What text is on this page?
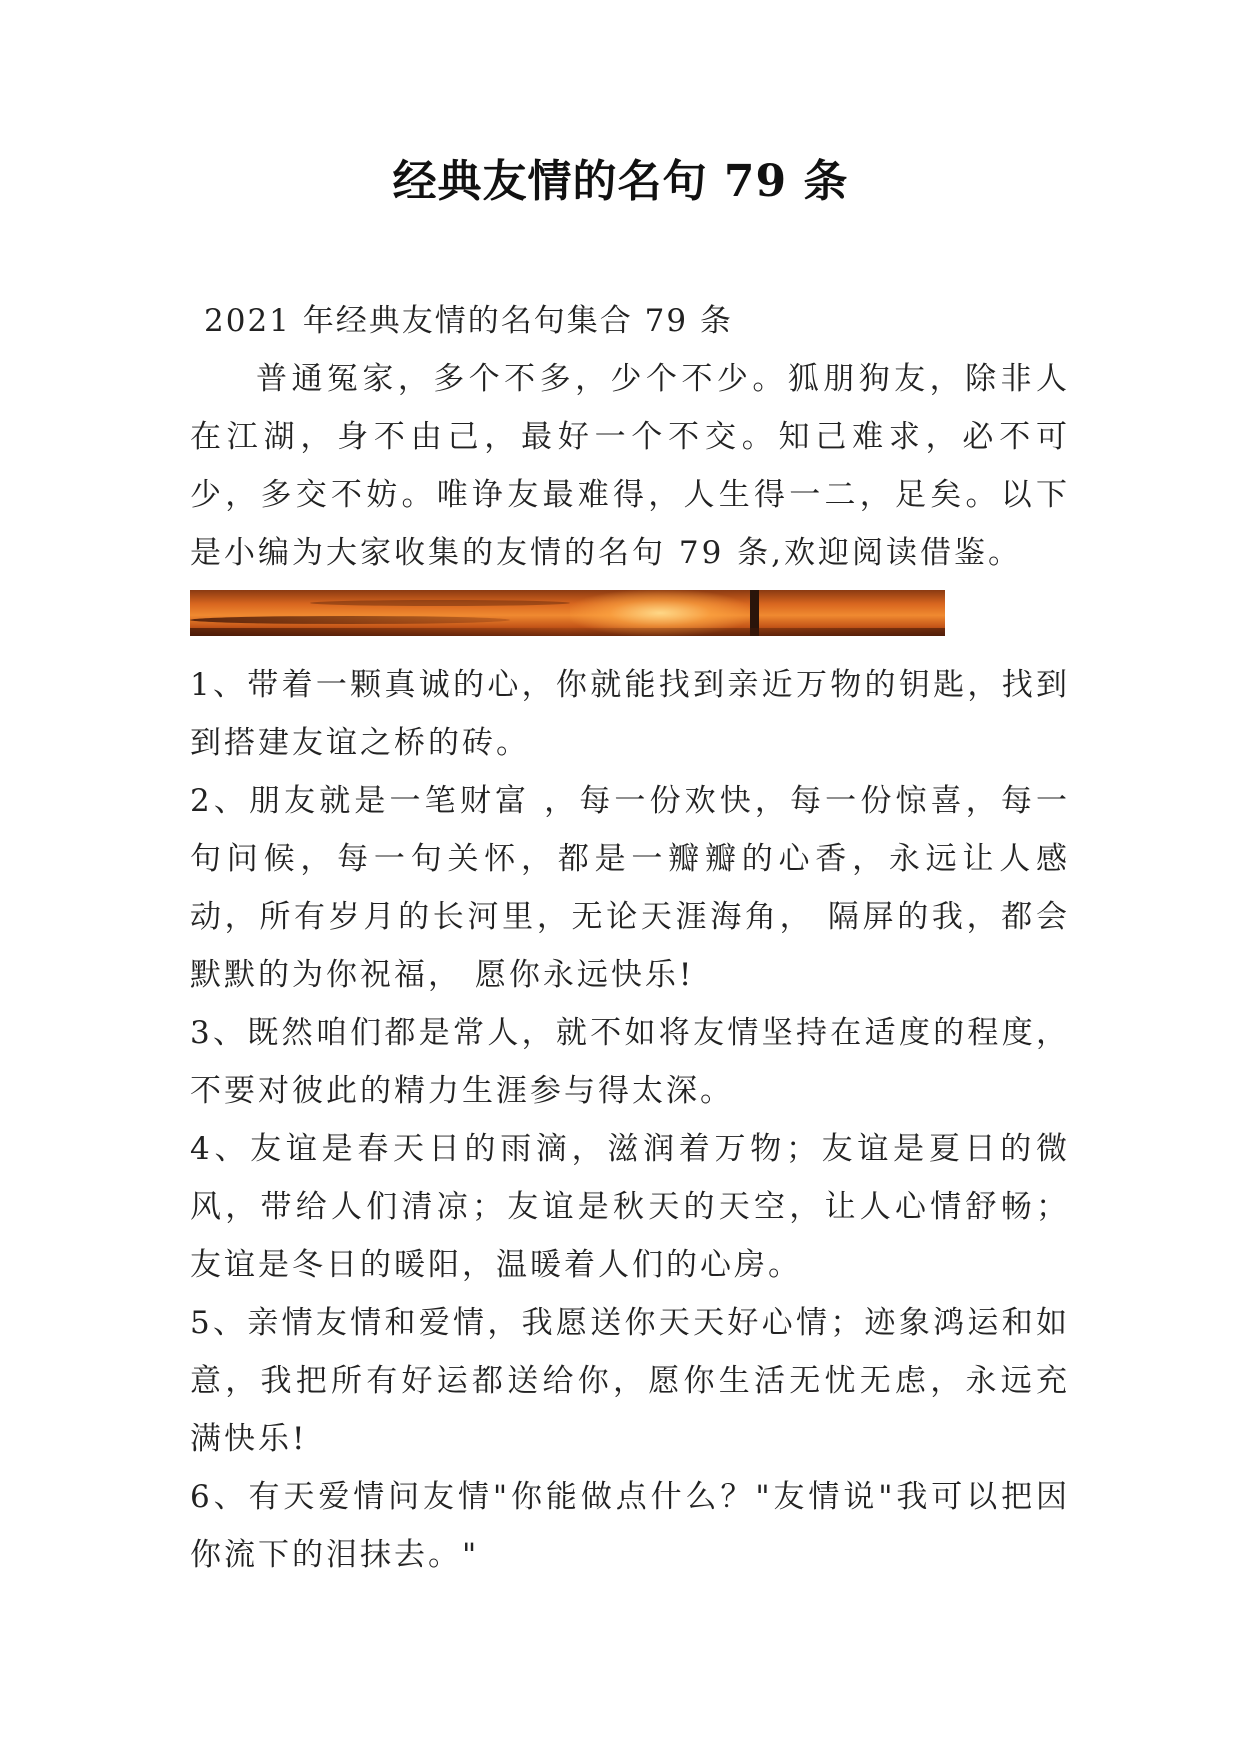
经典友情的名句 79 条

2021 年经典友情的名句集合 79 条

普通冤家，多个不多，少个不少。狐朋狗友，除非人在江湖，身不由己，最好一个不交。知己难求，必不可少，多交不妨。唯诤友最难得，人生得一二，足矣。以下是小编为大家收集的友情的名句 79 条,欢迎阅读借鉴。

1、带着一颗真诚的心，你就能找到亲近万物的钥匙，找到到搭建友谊之桥的砖。

2、朋友就是一笔财富 ，每一份欢快，每一份惊喜，每一句问候，每一句关怀，都是一瓣瓣的心香，永远让人感动，所有岁月的长河里，无论天涯海角， 隔屏的我，都会默默的为你祝福， 愿你永远快乐!

3、既然咱们都是常人，就不如将友情坚持在适度的程度，不要对彼此的精力生涯参与得太深。

4、友谊是春天日的雨滴，滋润着万物；友谊是夏日的微风，带给人们清凉；友谊是秋天的天空，让人心情舒畅；友谊是冬日的暖阳，温暖着人们的心房。

5、亲情友情和爱情，我愿送你天天好心情；迹象鸿运和如意，我把所有好运都送给你，愿你生活无忧无虑，永远充满快乐!

6、有天爱情问友情"你能做点什么？"友情说"我可以把因你流下的泪抹去。"
